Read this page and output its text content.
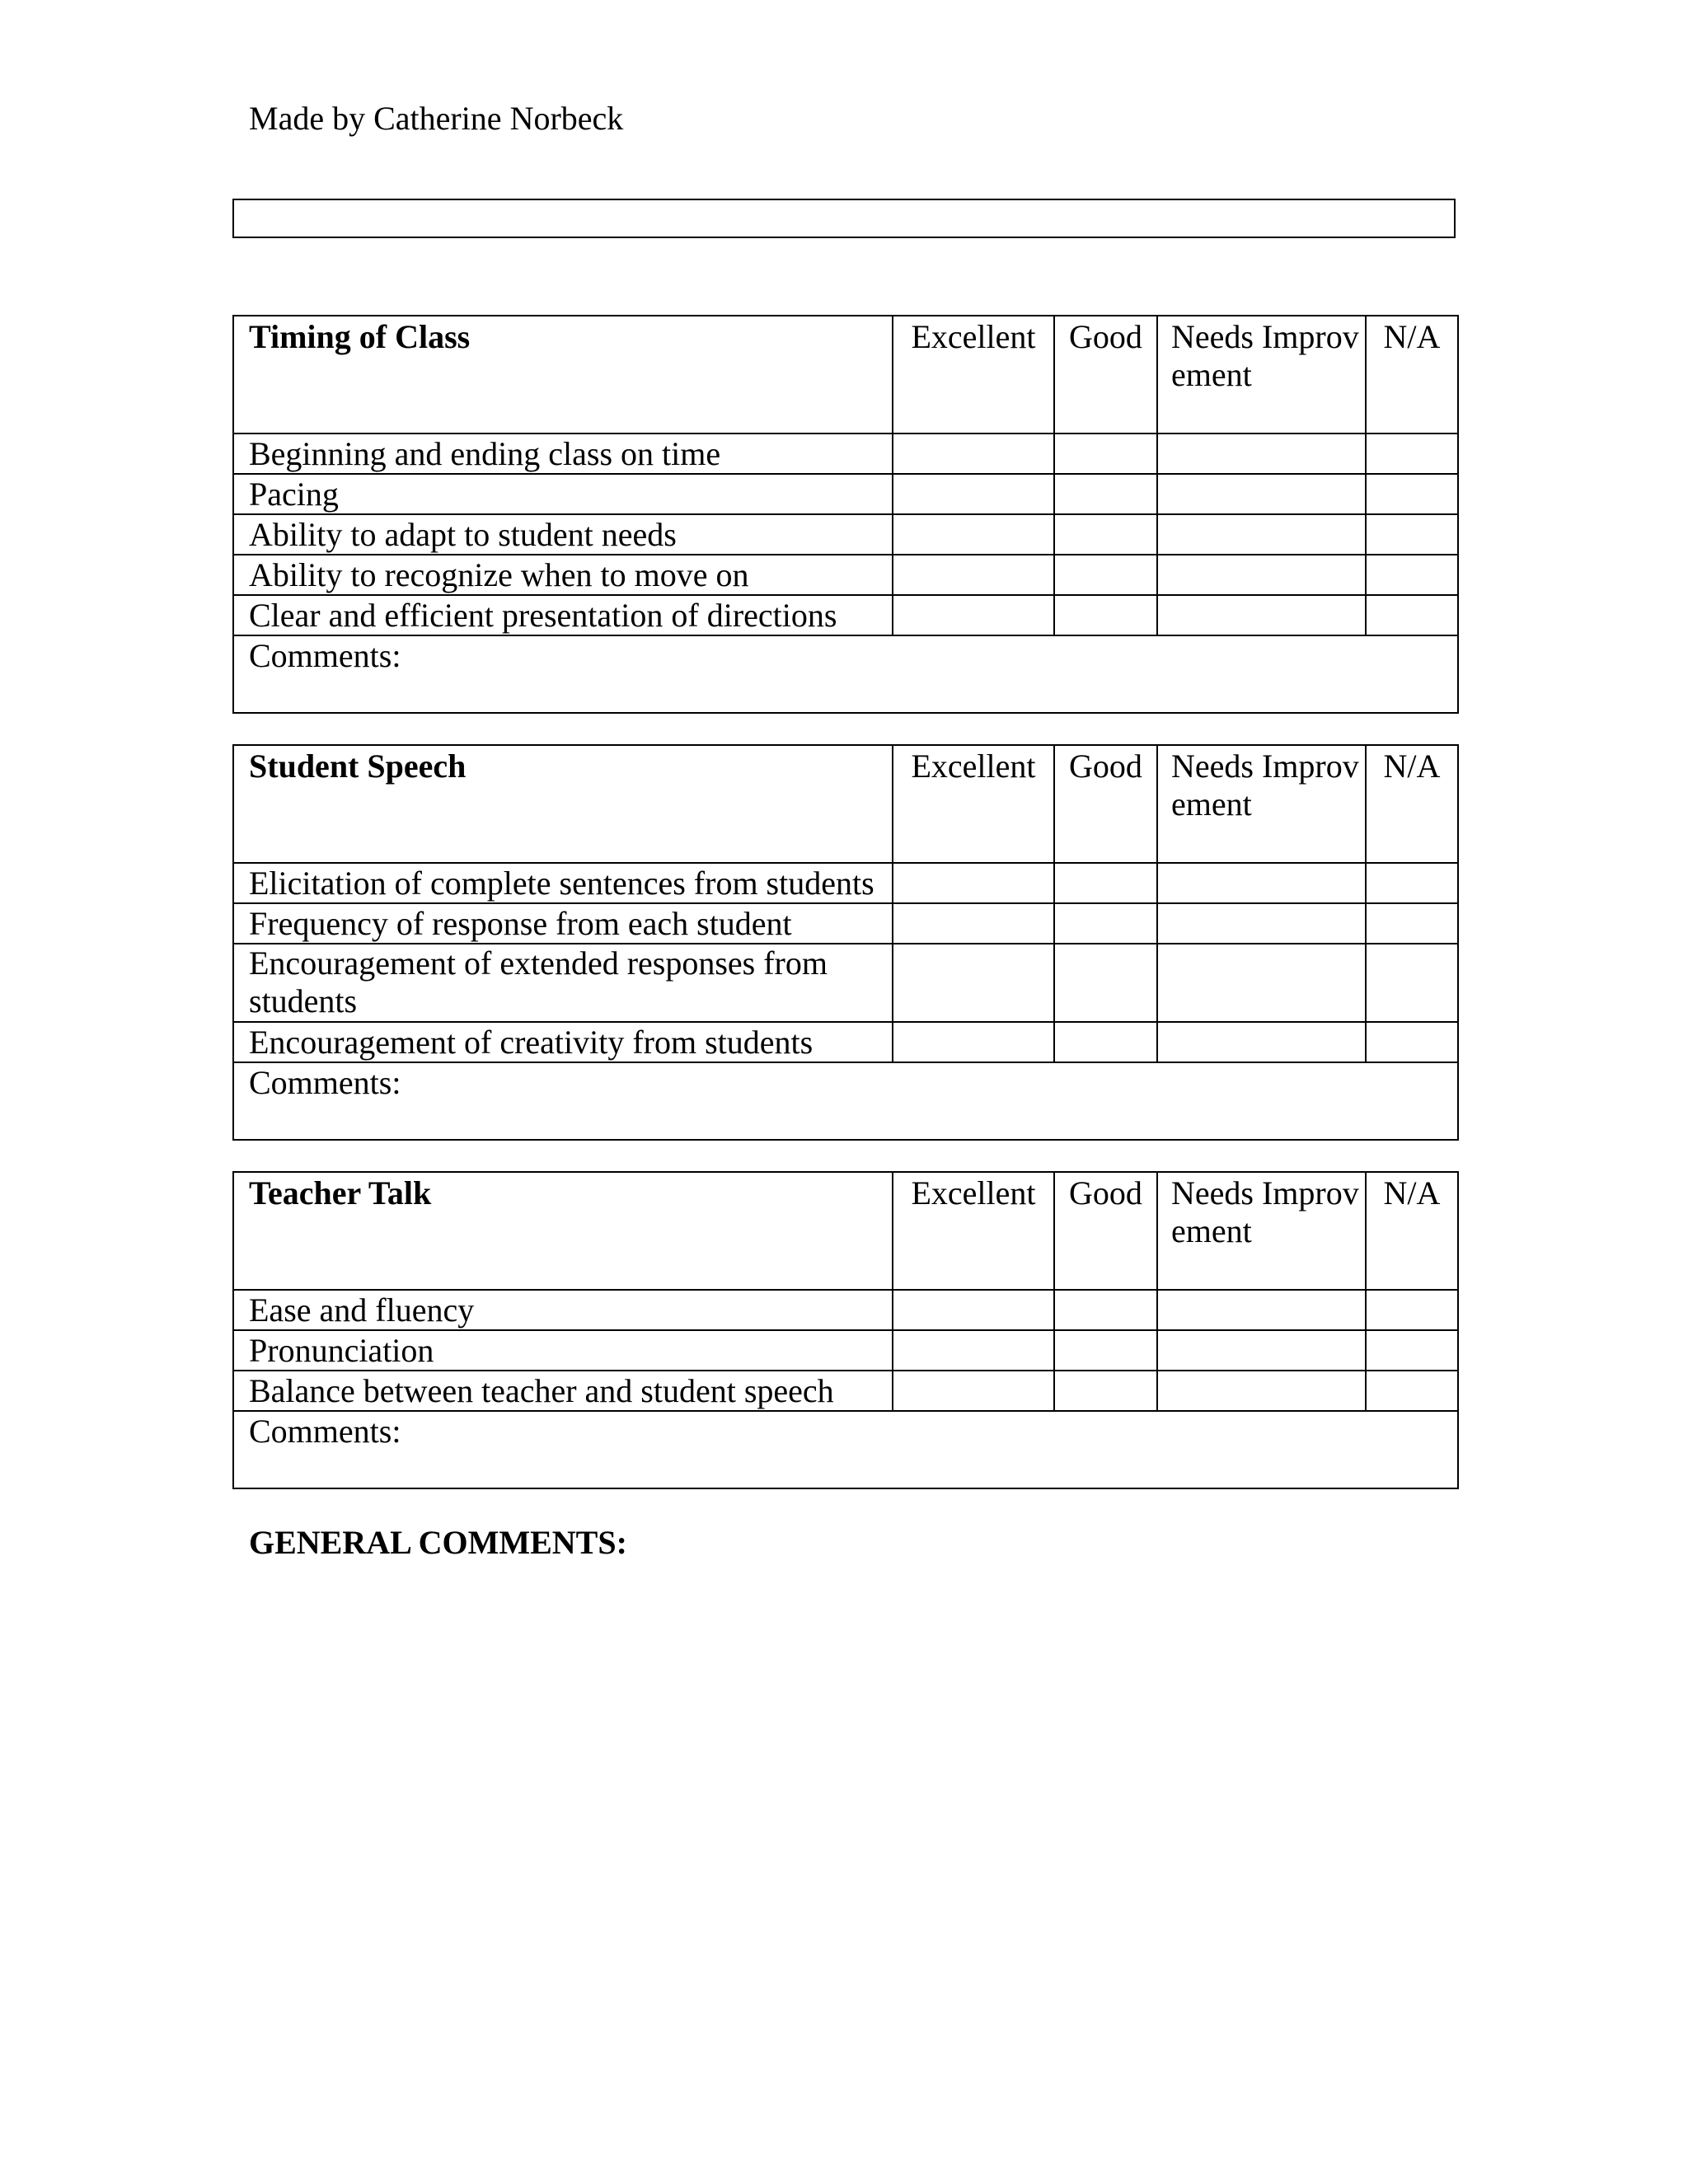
Made by Catherine Norbeck
Timing of Class	Excellent	Good	Needs Improvement	N/A
Beginning and ending class on time				
Pacing				
Ability to adapt to student needs				
Ability to recognize when to move on				
Clear and efficient presentation of directions				
Comments:				
Student Speech	Excellent	Good	Needs Improvement	N/A
Elicitation of complete sentences from students				
Frequency of response from each student				
Encouragement of extended responses from students				
Encouragement of creativity from students				
Comments:				
Teacher Talk	Excellent	Good	Needs Improvement	N/A
Ease and fluency				
Pronunciation				
Balance between teacher and student speech				
Comments:				
GENERAL COMMENTS:
